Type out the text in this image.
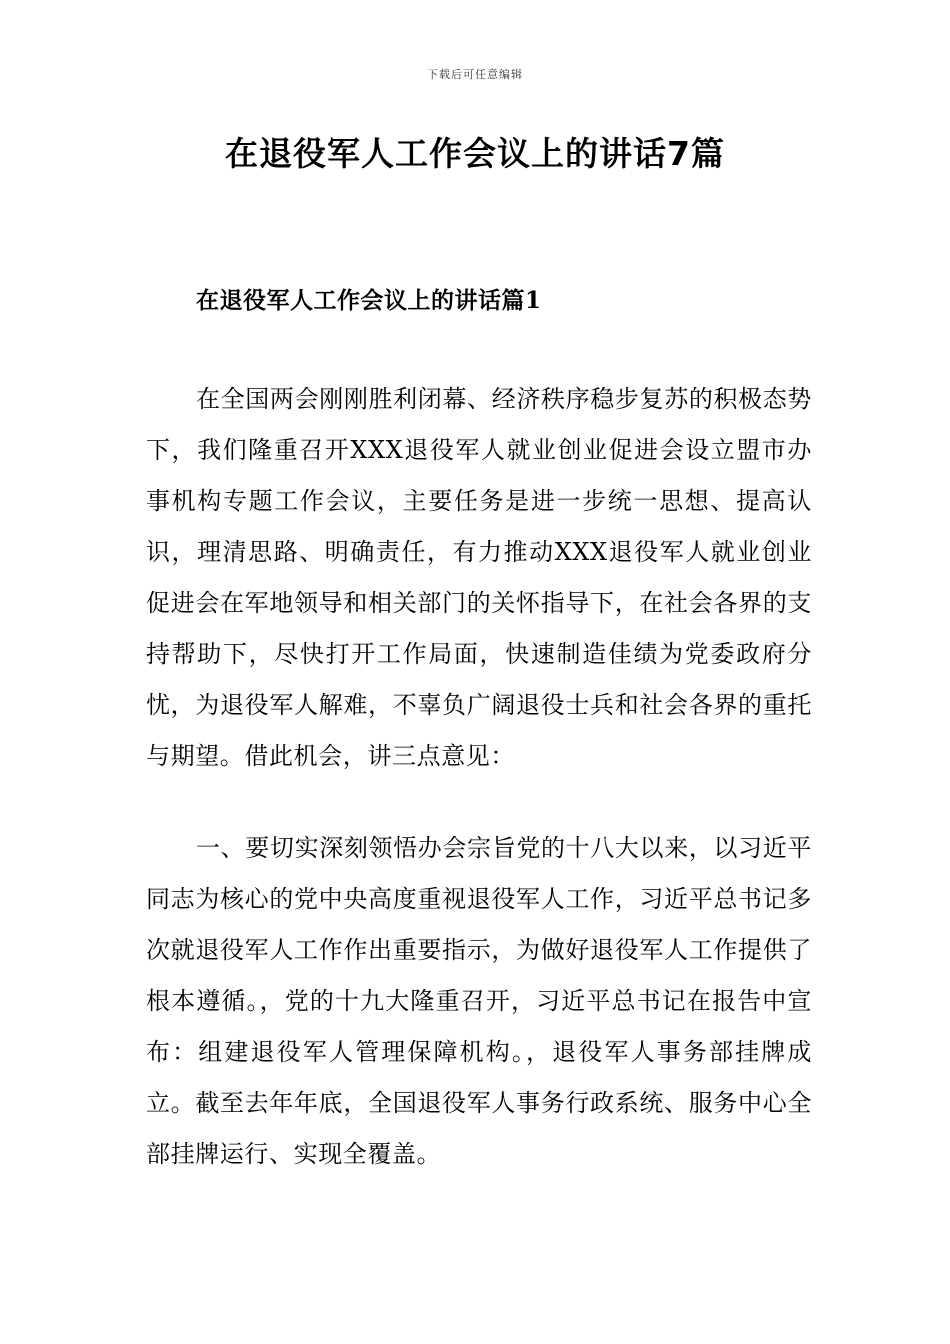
下载后可任意编辑
在退役军人工作会议上的讲话7篇
在退役军人工作会议上的讲话篇1

在全国两会刚刚胜利闭幕、经济秩序稳步复苏的积极态势下，我们隆重召开XXX退役军人就业创业促进会设立盟市办事机构专题工作会议，主要任务是进一步统一思想、提高认识，理清思路、明确责任，有力推动XXX退役军人就业创业促进会在军地领导和相关部门的关怀指导下，在社会各界的支持帮助下，尽快打开工作局面，快速制造佳绩为党委政府分忧，为退役军人解难，不辜负广阔退役士兵和社会各界的重托与期望。借此机会，讲三点意见：

一、要切实深刻领悟办会宗旨党的十八大以来，以习近平同志为核心的党中央高度重视退役军人工作，习近平总书记多次就退役军人工作作出重要指示，为做好退役军人工作提供了根本遵循。，党的十九大隆重召开，习近平总书记在报告中宣布：组建退役军人管理保障机构。，退役军人事务部挂牌成立。截至去年年底，全国退役军人事务行政系统、服务中心全部挂牌运行、实现全覆盖。
